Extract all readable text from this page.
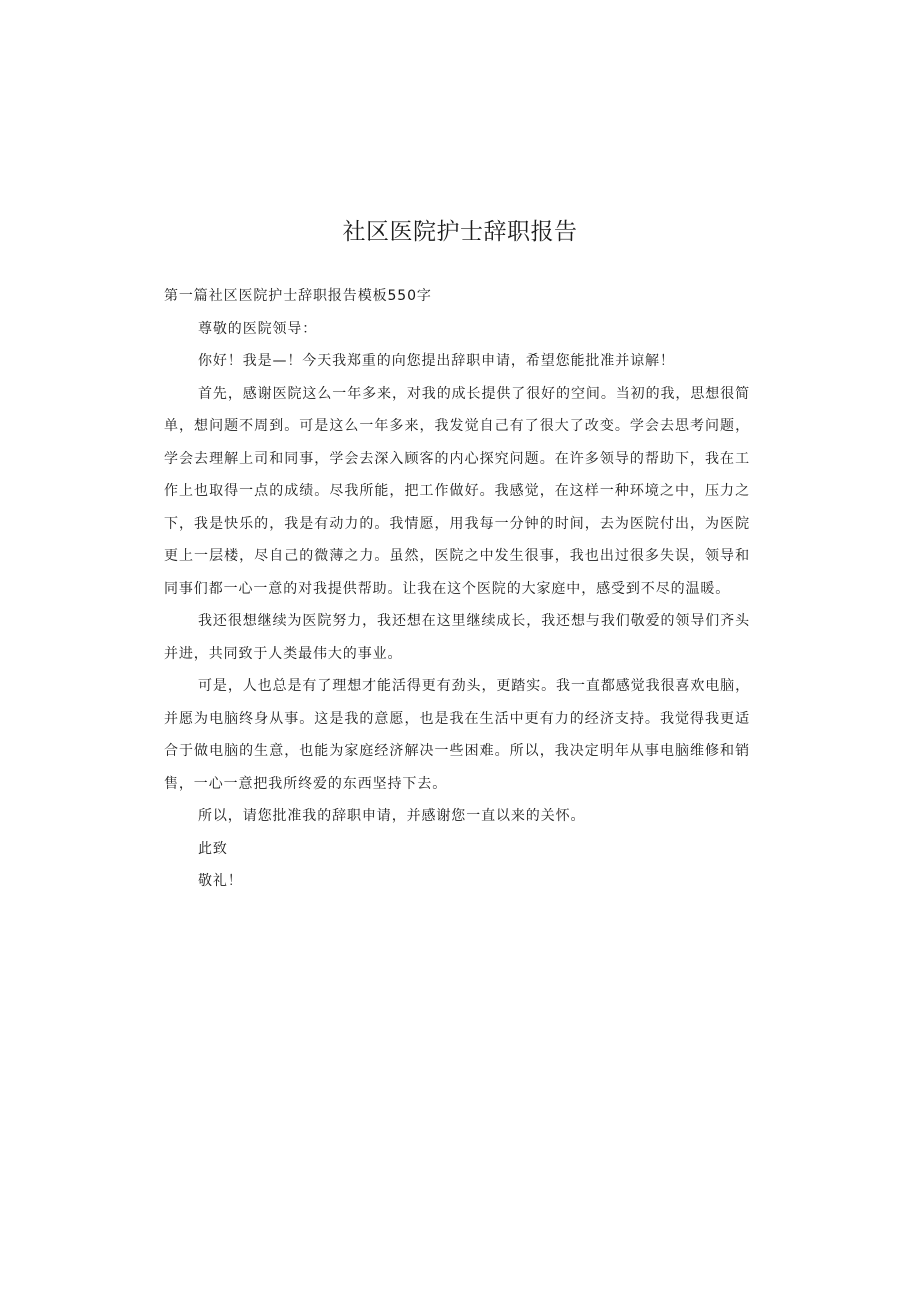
社区医院护士辞职报告

第一篇社区医院护士辞职报告模板550字

尊敬的医院领导：

你好！我是—！今天我郑重的向您提出辞职申请，希望您能批准并谅解！

首先，感谢医院这么一年多来，对我的成长提供了很好的空间。当初的我，思想很简单，想问题不周到。可是这么一年多来，我发觉自己有了很大了改变。学会去思考问题，学会去理解上司和同事，学会去深入顾客的内心探究问题。在许多领导的帮助下，我在工作上也取得一点的成绩。尽我所能，把工作做好。我感觉，在这样一种环境之中，压力之下，我是快乐的，我是有动力的。我情愿，用我每一分钟的时间，去为医院付出，为医院更上一层楼，尽自己的微薄之力。虽然，医院之中发生很事，我也出过很多失误，领导和同事们都一心一意的对我提供帮助。让我在这个医院的大家庭中，感受到不尽的温暖。

我还很想继续为医院努力，我还想在这里继续成长，我还想与我们敬爱的领导们齐头并进，共同致于人类最伟大的事业。

可是，人也总是有了理想才能活得更有劲头，更踏实。我一直都感觉我很喜欢电脑，并愿为电脑终身从事。这是我的意愿，也是我在生活中更有力的经济支持。我觉得我更适合于做电脑的生意，也能为家庭经济解决一些困难。所以，我决定明年从事电脑维修和销售，一心一意把我所终爱的东西坚持下去。

所以，请您批准我的辞职申请，并感谢您一直以来的关怀。

此致

敬礼！
